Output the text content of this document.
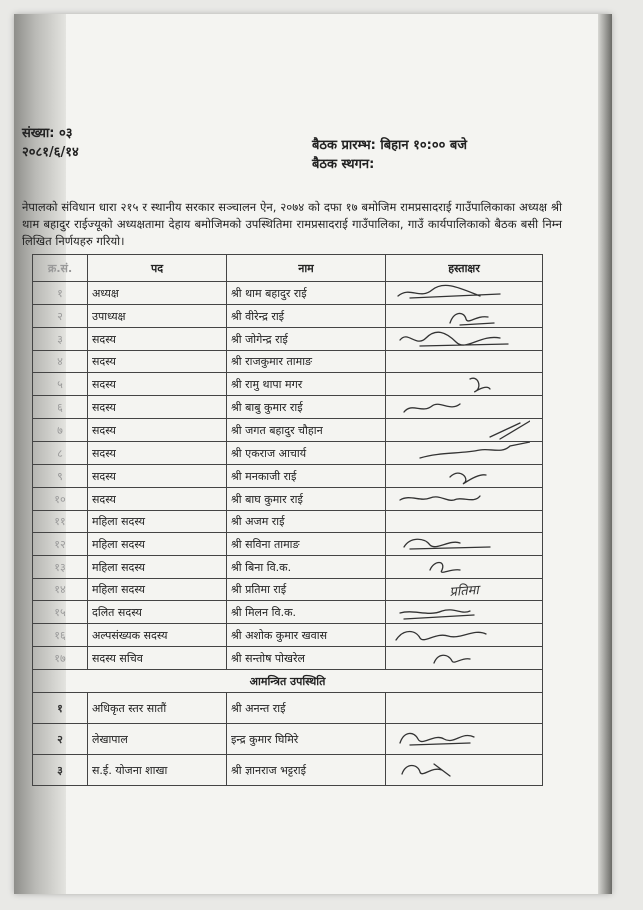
संख्या: ०३
२०८१/६/१४	बैठक प्रारम्भ: बिहान १०:०० बजे
बैठक स्थगन:
नेपालको संविधान धारा २१५ र स्थानीय सरकार सञ्चालन ऐन, २०७४ को दफा १७ बमोजिम रामप्रसादराई गाउँपालिकाका अध्यक्ष श्री थाम बहादुर राईज्यूको अध्यक्षतामा देहाय बमोजिमको उपस्थितिमा रामप्रसादराई गाउँपालिका, गाउँ कार्यपालिकाको बैठक बसी निम्न लिखित निर्णयहरु गरियो।
क्र.सं.	पद	नाम	हस्ताक्षर
१	अध्यक्ष	श्री थाम बहादुर राई	

२	उपाध्यक्ष	श्री वीरेन्द्र राई	

३	सदस्य	श्री जोगेन्द्र राई	

४	सदस्य	श्री राजकुमार तामाङ	
५	सदस्य	श्री रामु थापा मगर	

६	सदस्य	श्री बाबु कुमार राई	

७	सदस्य	श्री जगत बहादुर चौहान	

८	सदस्य	श्री एकराज आचार्य	

९	सदस्य	श्री मनकाजी राई	

१०	सदस्य	श्री बाघ कुमार राई	

११	महिला सदस्य	श्री अजम राई	
१२	महिला सदस्य	श्री सविना तामाङ	

१३	महिला सदस्य	श्री बिना वि.क.	

१४	महिला सदस्य	श्री प्रतिमा राई	प्रतिमा

१५	दलित सदस्य	श्री मिलन वि.क.	

१६	अल्पसंख्यक सदस्य	श्री अशोक कुमार खवास	

१७	सदस्य सचिव	श्री सन्तोष पोखरेल	

आमन्त्रित उपस्थिति			
१	अधिकृत स्तर सातौं	श्री अनन्त राई	
२	लेखापाल	इन्द्र कुमार घिमिरे	

३	स.ई. योजना शाखा	श्री ज्ञानराज भट्टराई	
